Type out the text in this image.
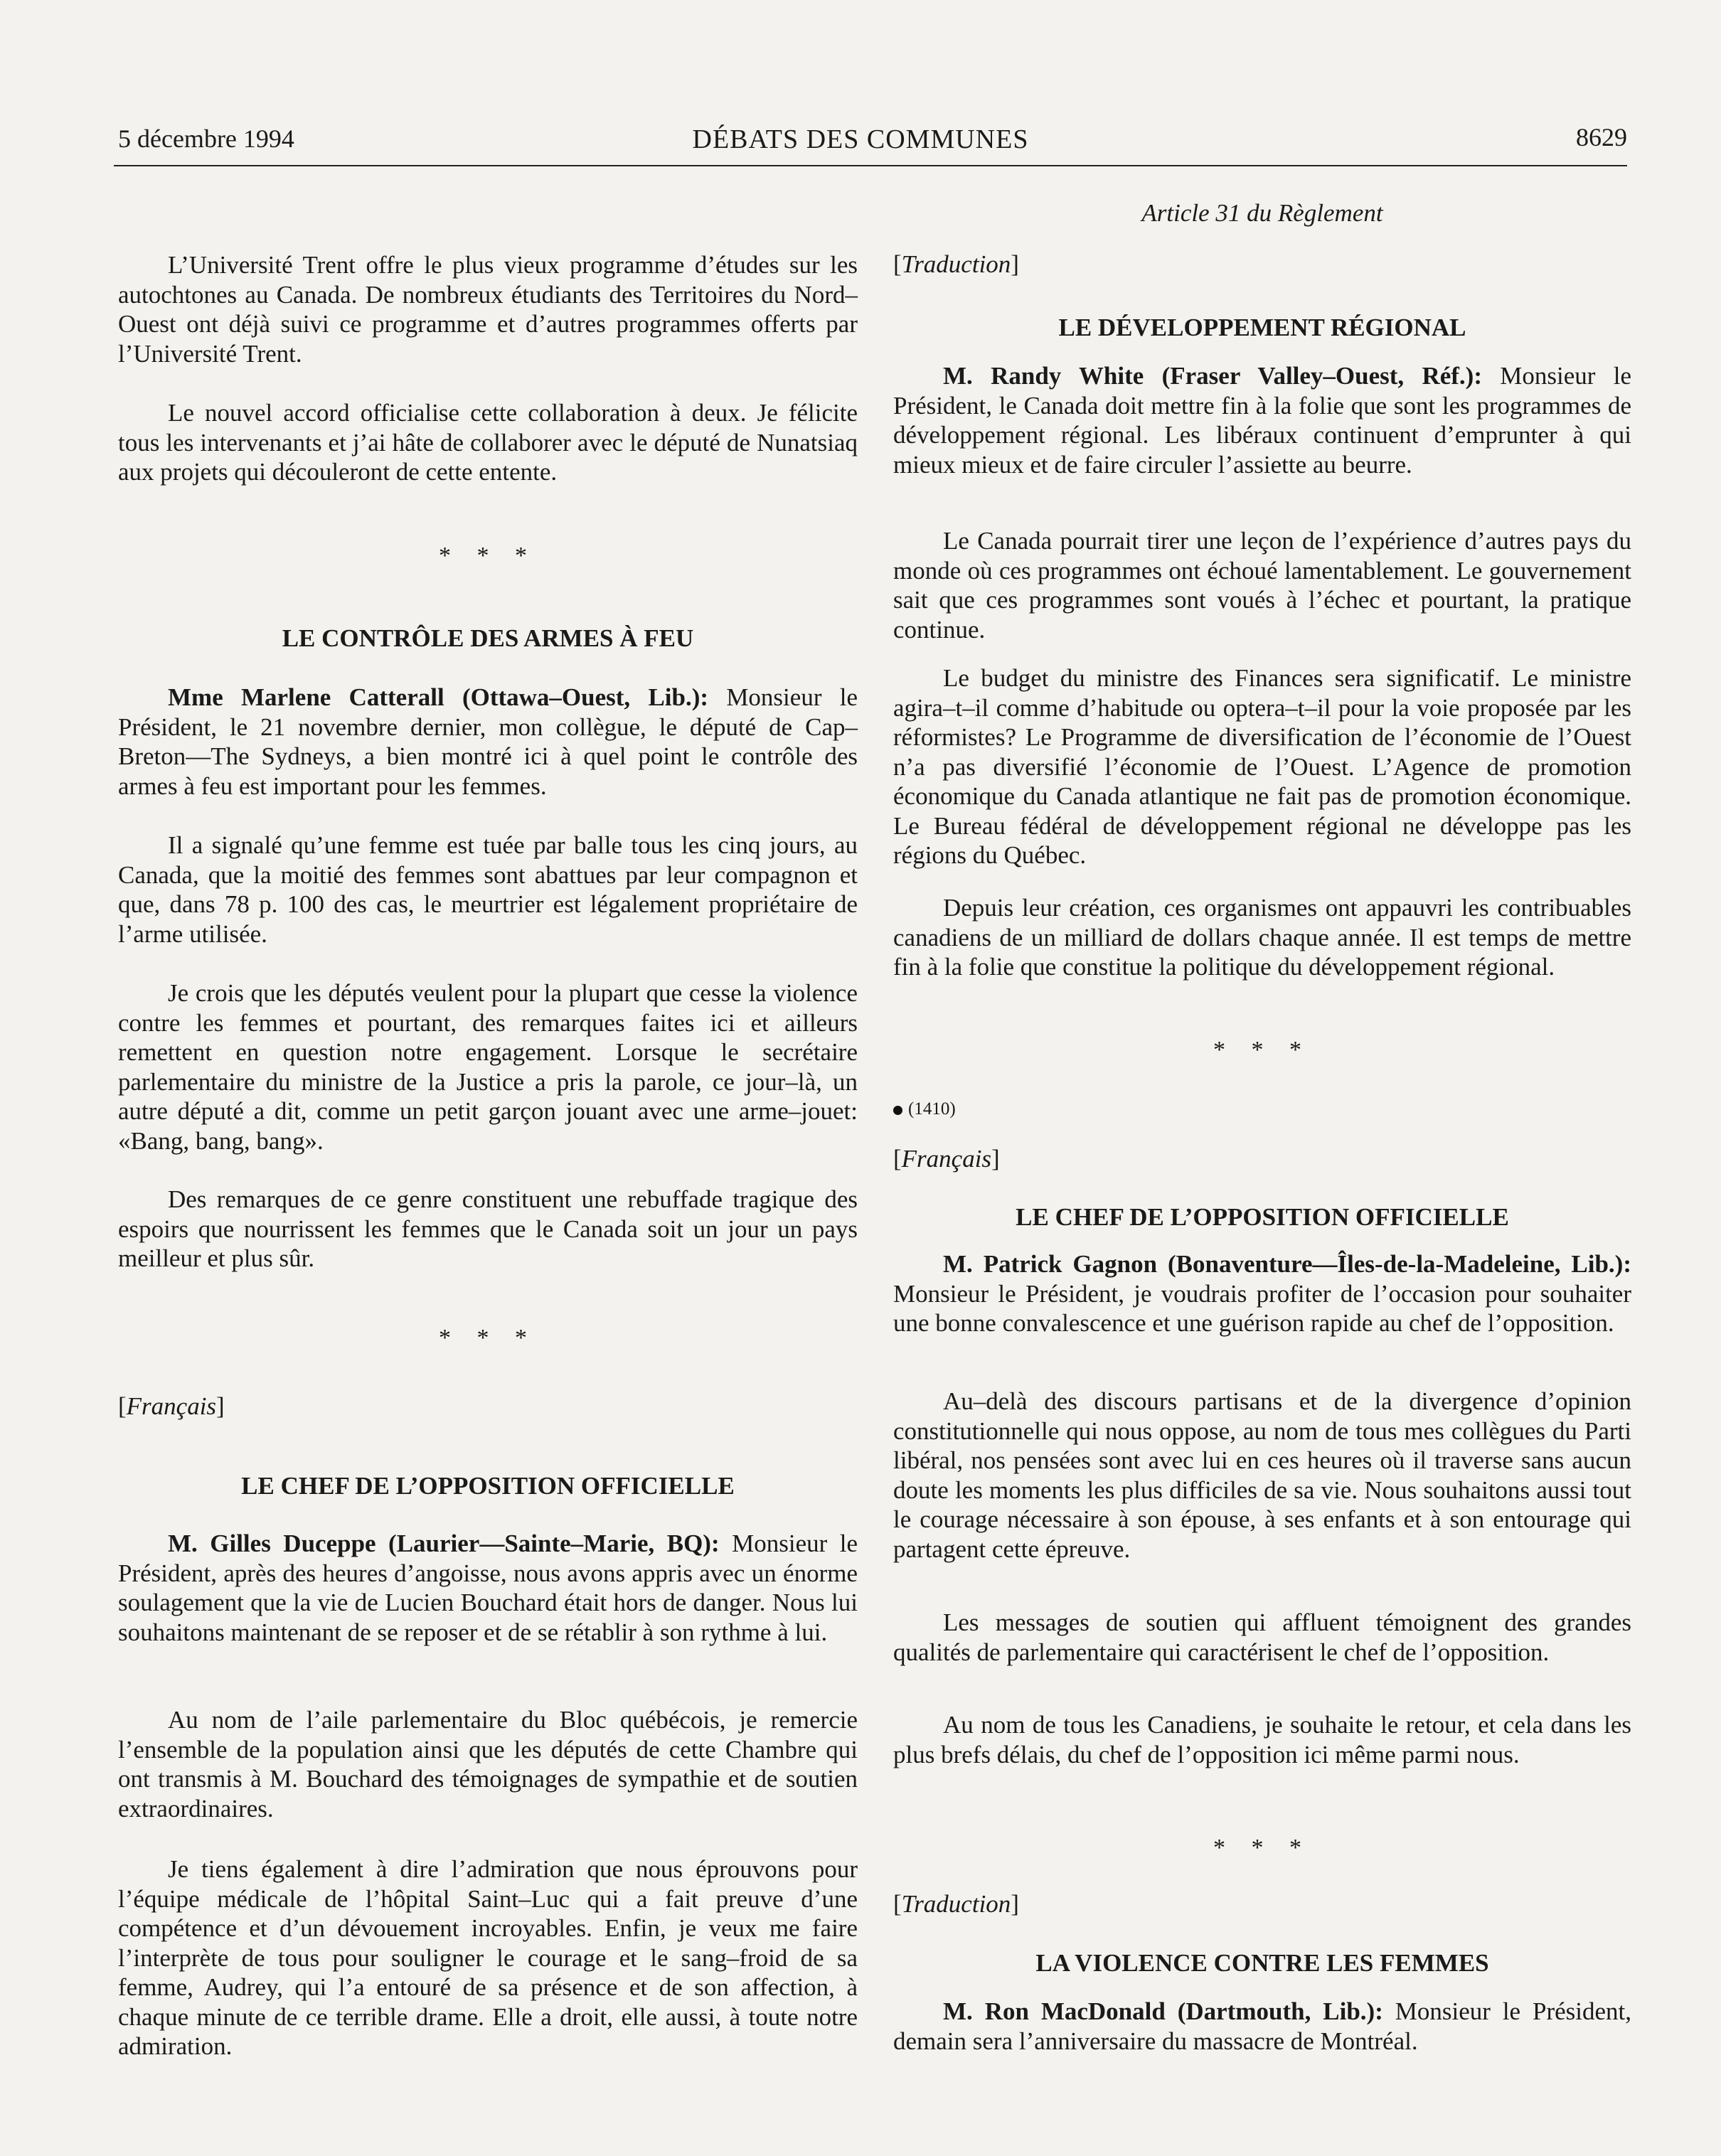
5 décembre 1994	DÉBATS DES COMMUNES	8629

L’Université Trent offre le plus vieux programme d’études sur les autochtones au Canada. De nombreux étudiants des Territoires du Nord–Ouest ont déjà suivi ce programme et d’autres programmes offerts par l’Université Trent.

Le nouvel accord officialise cette collaboration à deux. Je félicite tous les intervenants et j’ai hâte de collaborer avec le député de Nunatsiaq aux projets qui découleront de cette entente.

* * *

LE CONTRÔLE DES ARMES À FEU

Mme Marlene Catterall (Ottawa–Ouest, Lib.): Monsieur le Président, le 21 novembre dernier, mon collègue, le député de Cap–Breton—The Sydneys, a bien montré ici à quel point le contrôle des armes à feu est important pour les femmes.

Il a signalé qu’une femme est tuée par balle tous les cinq jours, au Canada, que la moitié des femmes sont abattues par leur compagnon et que, dans 78 p. 100 des cas, le meurtrier est légalement propriétaire de l’arme utilisée.

Je crois que les députés veulent pour la plupart que cesse la violence contre les femmes et pourtant, des remarques faites ici et ailleurs remettent en question notre engagement. Lorsque le secrétaire parlementaire du ministre de la Justice a pris la parole, ce jour–là, un autre député a dit, comme un petit garçon jouant avec une arme–jouet: «Bang, bang, bang».

Des remarques de ce genre constituent une rebuffade tragique des espoirs que nourrissent les femmes que le Canada soit un jour un pays meilleur et plus sûr.

* * *

[Français]

LE CHEF DE L’OPPOSITION OFFICIELLE

M. Gilles Duceppe (Laurier—Sainte–Marie, BQ): Monsieur le Président, après des heures d’angoisse, nous avons appris avec un énorme soulagement que la vie de Lucien Bouchard était hors de danger. Nous lui souhaitons maintenant de se reposer et de se rétablir à son rythme à lui.

Au nom de l’aile parlementaire du Bloc québécois, je remercie l’ensemble de la population ainsi que les députés de cette Chambre qui ont transmis à M. Bouchard des témoignages de sympathie et de soutien extraordinaires.

Je tiens également à dire l’admiration que nous éprouvons pour l’équipe médicale de l’hôpital Saint–Luc qui a fait preuve d’une compétence et d’un dévouement incroyables. Enfin, je veux me faire l’interprète de tous pour souligner le courage et le sang–froid de sa femme, Audrey, qui l’a entouré de sa présence et de son affection, à chaque minute de ce terrible drame. Elle a droit, elle aussi, à toute notre admiration.

Article 31 du Règlement

[Traduction]

LE DÉVELOPPEMENT RÉGIONAL

M. Randy White (Fraser Valley–Ouest, Réf.): Monsieur le Président, le Canada doit mettre fin à la folie que sont les programmes de développement régional. Les libéraux continuent d’emprunter à qui mieux mieux et de faire circuler l’assiette au beurre.

Le Canada pourrait tirer une leçon de l’expérience d’autres pays du monde où ces programmes ont échoué lamentablement. Le gouvernement sait que ces programmes sont voués à l’échec et pourtant, la pratique continue.

Le budget du ministre des Finances sera significatif. Le ministre agira–t–il comme d’habitude ou optera–t–il pour la voie proposée par les réformistes? Le Programme de diversification de l’économie de l’Ouest n’a pas diversifié l’économie de l’Ouest. L’Agence de promotion économique du Canada atlantique ne fait pas de promotion économique. Le Bureau fédéral de développement régional ne développe pas les régions du Québec.

Depuis leur création, ces organismes ont appauvri les contribuables canadiens de un milliard de dollars chaque année. Il est temps de mettre fin à la folie que constitue la politique du développement régional.

* * *

(1410)

[Français]

LE CHEF DE L’OPPOSITION OFFICIELLE

M. Patrick Gagnon (Bonaventure—Îles-de-la-Madeleine, Lib.): Monsieur le Président, je voudrais profiter de l’occasion pour souhaiter une bonne convalescence et une guérison rapide au chef de l’opposition.

Au–delà des discours partisans et de la divergence d’opinion constitutionnelle qui nous oppose, au nom de tous mes collègues du Parti libéral, nos pensées sont avec lui en ces heures où il traverse sans aucun doute les moments les plus difficiles de sa vie. Nous souhaitons aussi tout le courage nécessaire à son épouse, à ses enfants et à son entourage qui partagent cette épreuve.

Les messages de soutien qui affluent témoignent des grandes qualités de parlementaire qui caractérisent le chef de l’opposition.

Au nom de tous les Canadiens, je souhaite le retour, et cela dans les plus brefs délais, du chef de l’opposition ici même parmi nous.

* * *

[Traduction]

LA VIOLENCE CONTRE LES FEMMES

M. Ron MacDonald (Dartmouth, Lib.): Monsieur le Président, demain sera l’anniversaire du massacre de Montréal.
